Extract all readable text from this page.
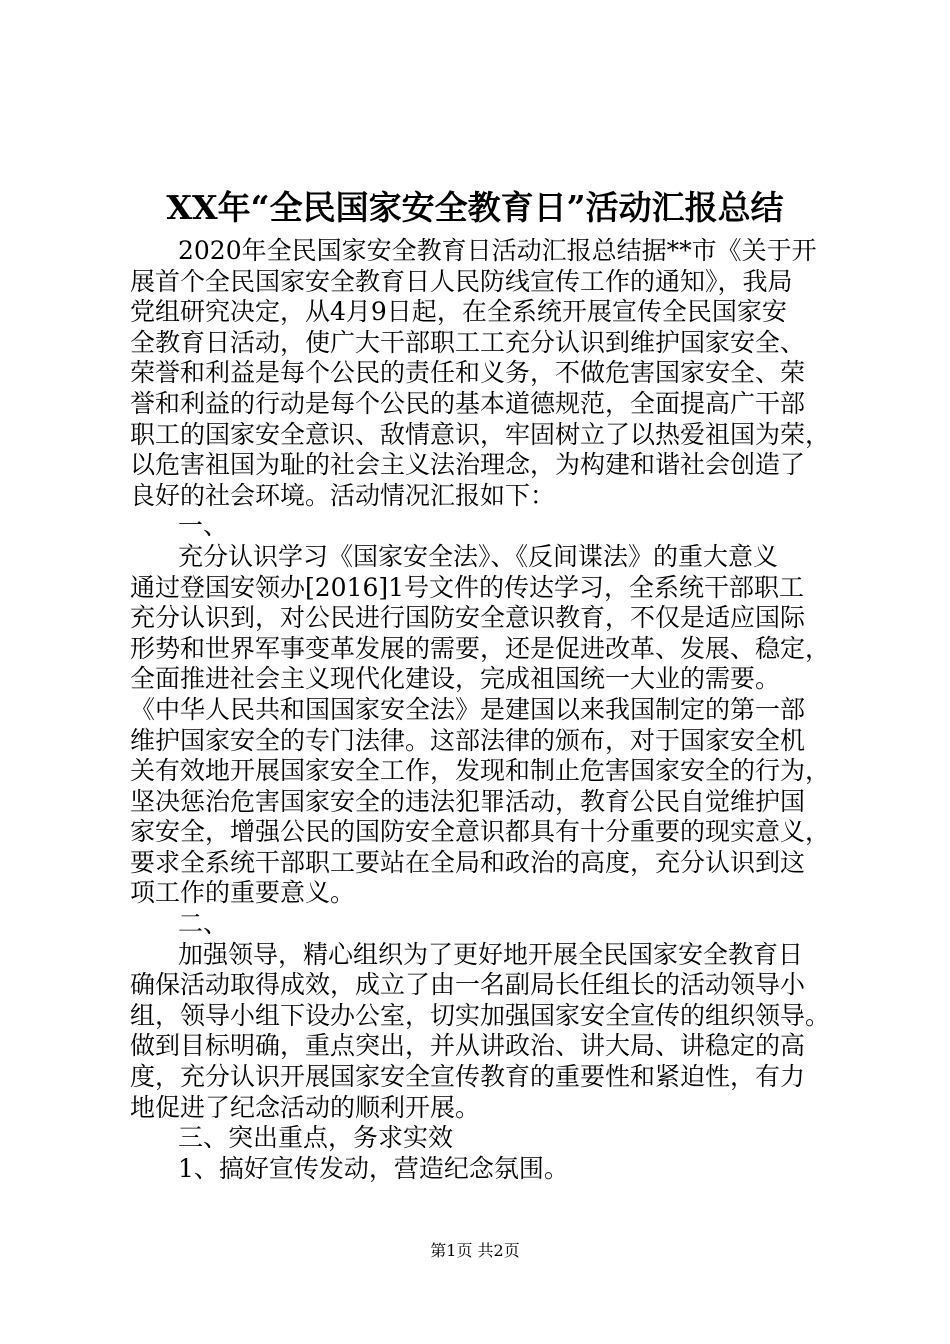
XX年“全民国家安全教育日”活动汇报总结
2020年全民国家安全教育日活动汇报总结据**市《关于开
展首个全民国家安全教育日人民防线宣传工作的通知》，我局
党组研究决定，从4月9日起，在全系统开展宣传全民国家安
全教育日活动，使广大干部职工工充分认识到维护国家安全、
荣誉和利益是每个公民的责任和义务，不做危害国家安全、荣
誉和利益的行动是每个公民的基本道德规范，全面提高广干部
职工的国家安全意识、敌情意识，牢固树立了以热爱祖国为荣，
以危害祖国为耻的社会主义法治理念，为构建和谐社会创造了
良好的社会环境。活动情况汇报如下：
一、
充分认识学习《国家安全法》、《反间谍法》的重大意义
通过登国安领办[2016]1号文件的传达学习，全系统干部职工
充分认识到，对公民进行国防安全意识教育，不仅是适应国际
形势和世界军事变革发展的需要，还是促进改革、发展、稳定，
全面推进社会主义现代化建设，完成祖国统一大业的需要。
《中华人民共和国国家安全法》是建国以来我国制定的第一部
维护国家安全的专门法律。这部法律的颁布，对于国家安全机
关有效地开展国家安全工作，发现和制止危害国家安全的行为，
坚决惩治危害国家安全的违法犯罪活动，教育公民自觉维护国
家安全，增强公民的国防安全意识都具有十分重要的现实意义，
要求全系统干部职工要站在全局和政治的高度，充分认识到这
项工作的重要意义。
二、
加强领导，精心组织为了更好地开展全民国家安全教育日
确保活动取得成效，成立了由一名副局长任组长的活动领导小
组，领导小组下设办公室，切实加强国家安全宣传的组织领导。
做到目标明确，重点突出，并从讲政治、讲大局、讲稳定的高
度，充分认识开展国家安全宣传教育的重要性和紧迫性，有力
地促进了纪念活动的顺利开展。
三、突出重点，务求实效
1、搞好宣传发动，营造纪念氛围。
第1页 共2页
